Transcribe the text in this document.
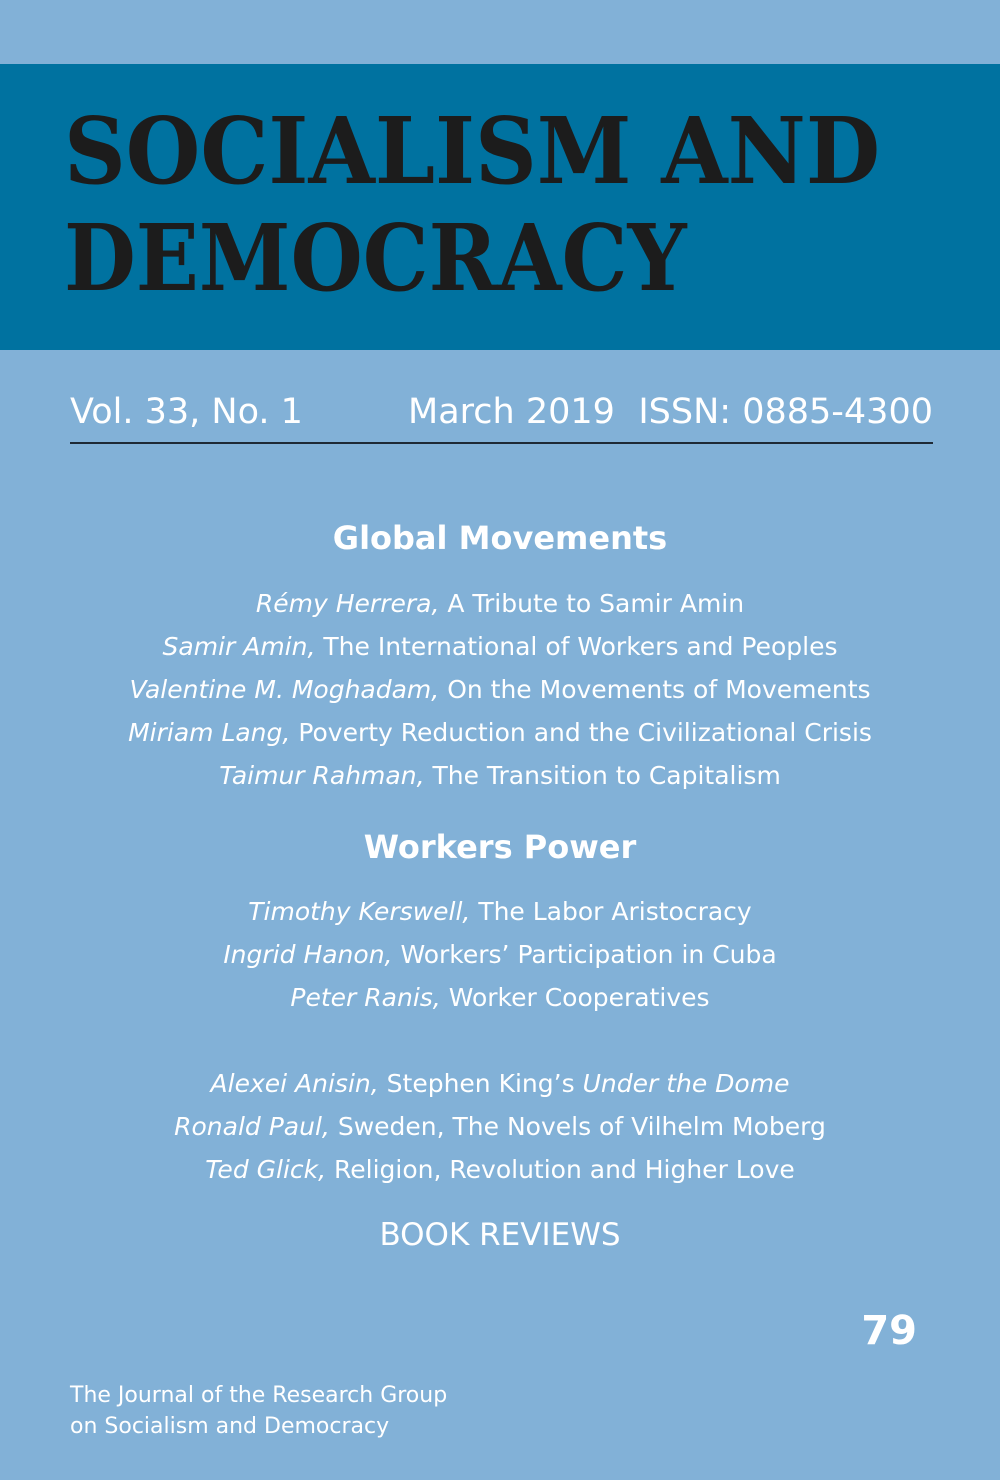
SOCIALISM AND
DEMOCRACY
Vol. 33, No. 1	March 2019 ISSN: 0885-4300
Global Movements
Rémy Herrera, A Tribute to Samir Amin
Samir Amin, The International of Workers and Peoples
Valentine M. Moghadam, On the Movements of Movements
Miriam Lang, Poverty Reduction and the Civilizational Crisis
Taimur Rahman, The Transition to Capitalism
Workers Power
Timothy Kerswell, The Labor Aristocracy
Ingrid Hanon, Workers’ Participation in Cuba
Peter Ranis, Worker Cooperatives
Alexei Anisin, Stephen King’s Under the Dome
Ronald Paul, Sweden, The Novels of Vilhelm Moberg
Ted Glick, Religion, Revolution and Higher Love
BOOK REVIEWS
79
The Journal of the Research Group
on Socialism and Democracy
